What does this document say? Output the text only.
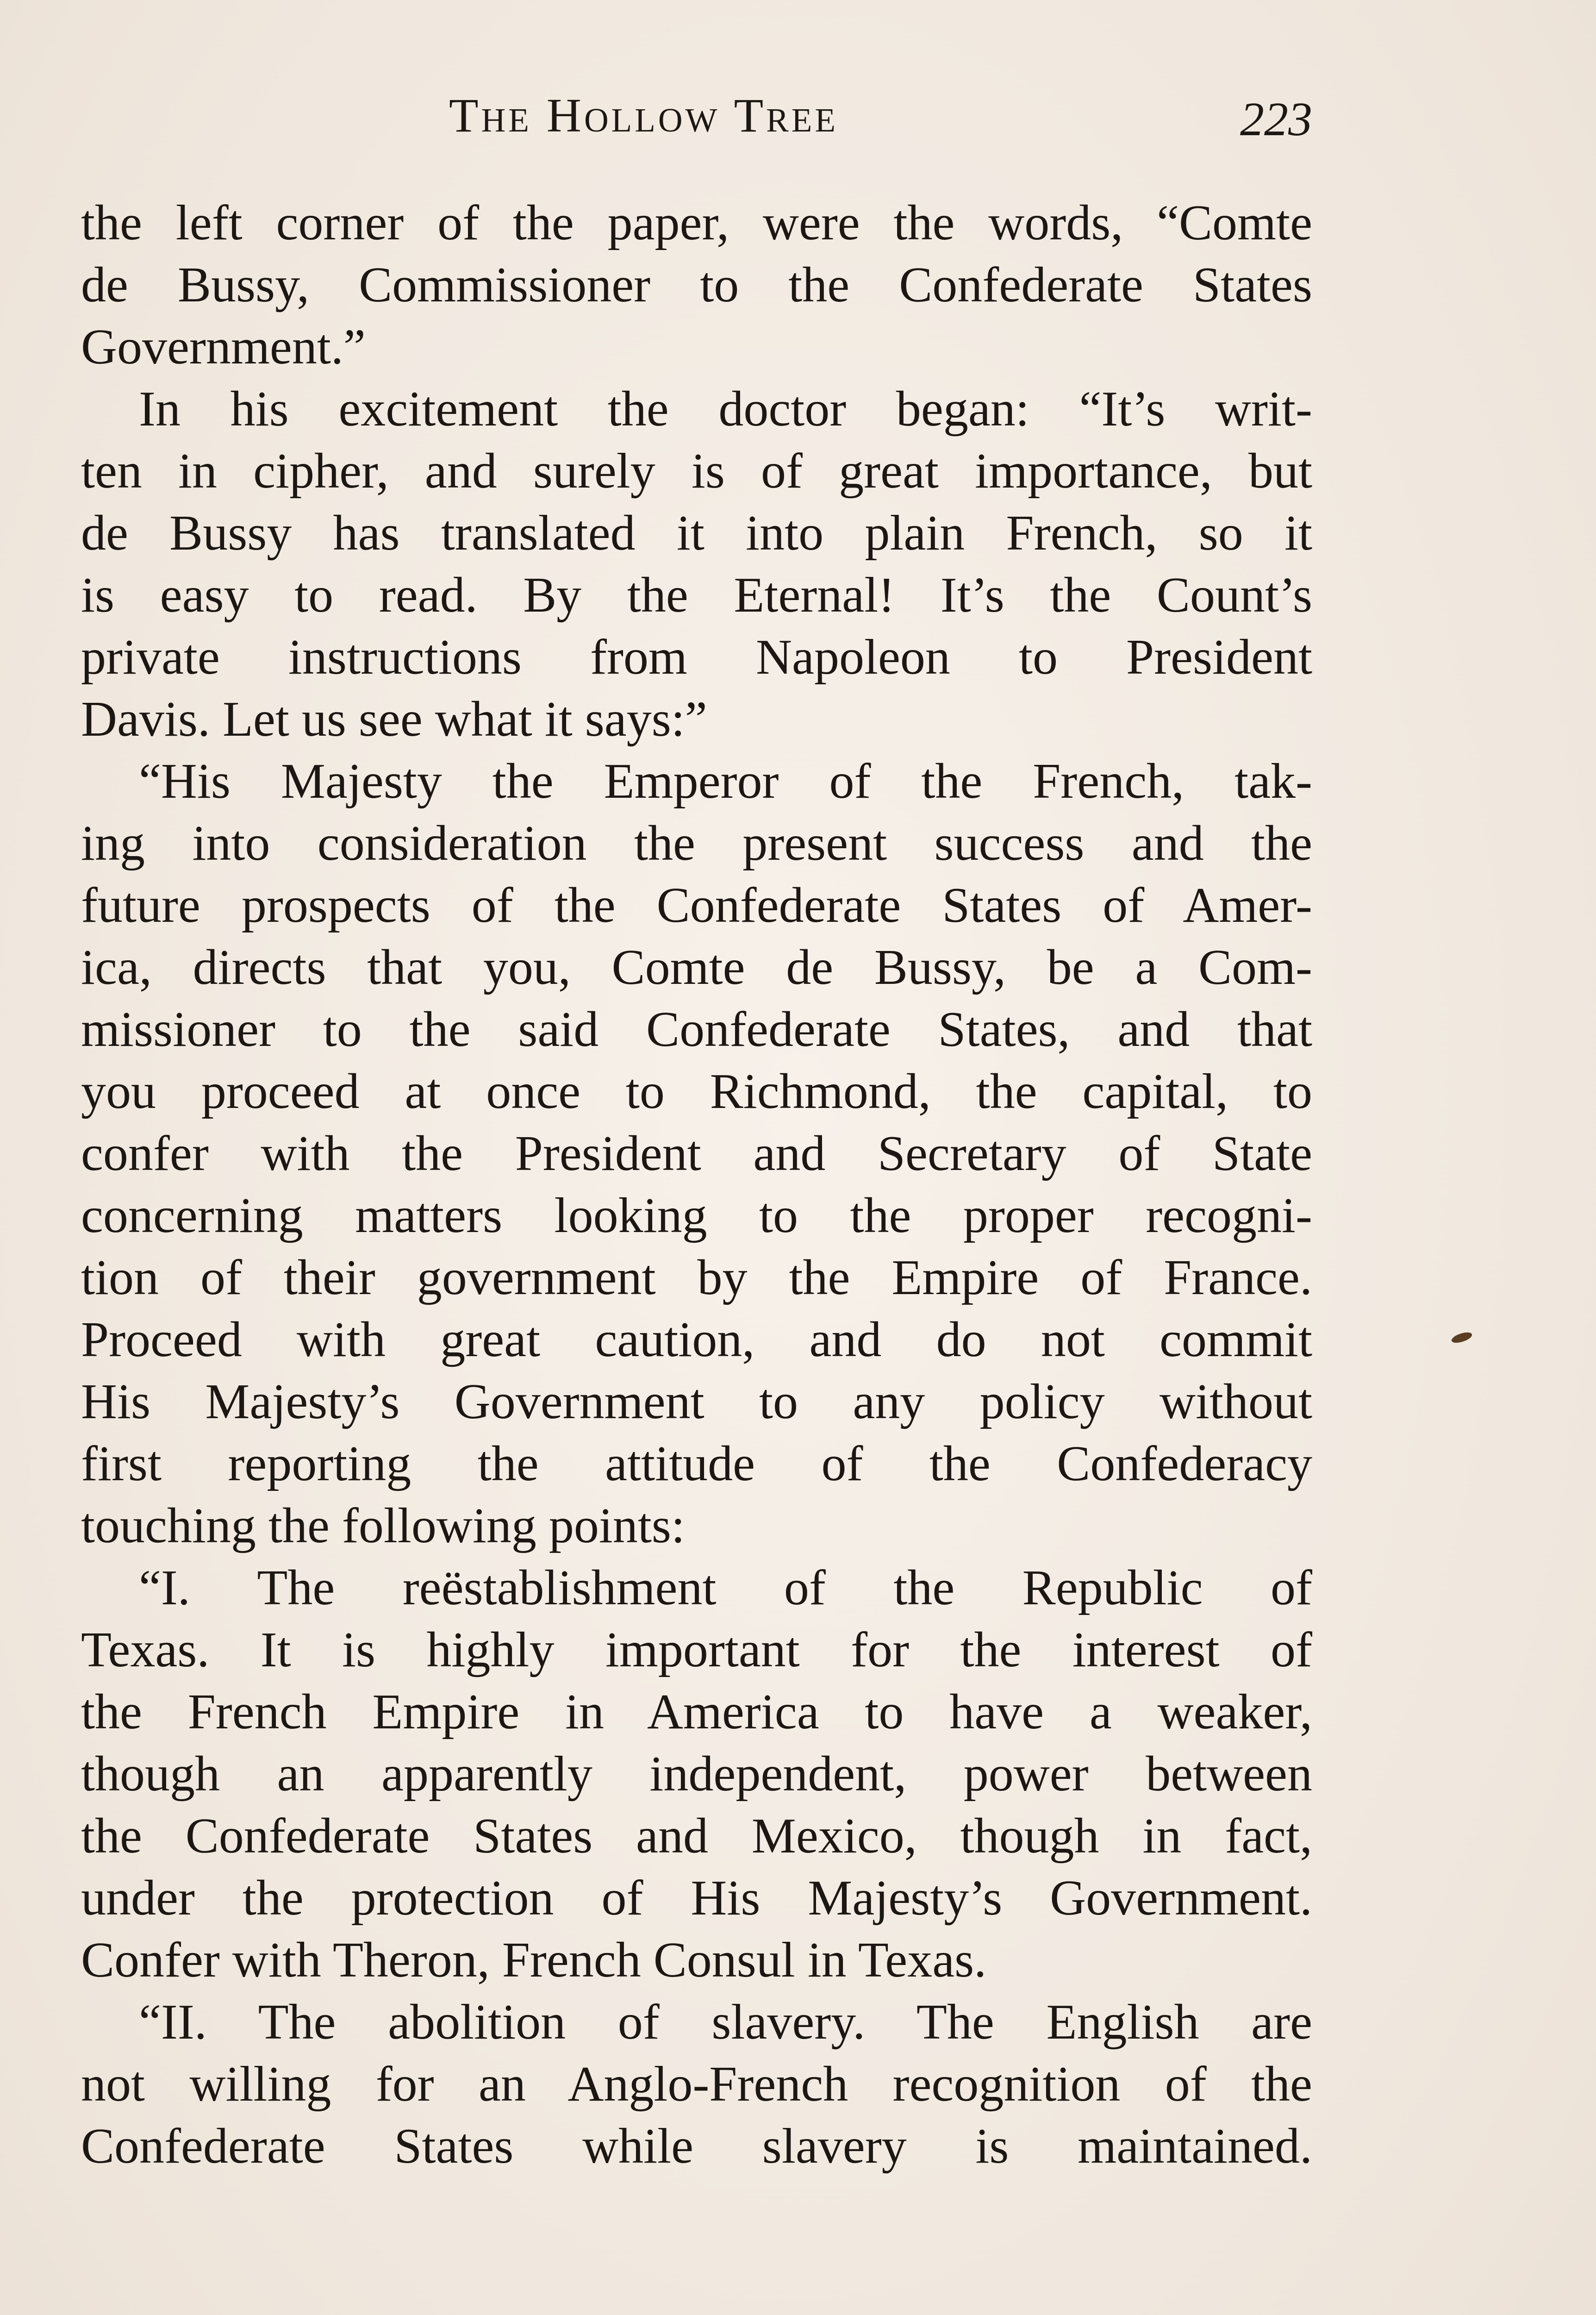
The Hollow Tree	223
the left corner of the paper, were the words, “Comte
de Bussy, Commissioner to the Confederate States
Government.”
In his excitement the doctor began: “It’s writ-
ten in cipher, and surely is of great importance, but
de Bussy has translated it into plain French, so it
is easy to read. By the Eternal! It’s the Count’s
private instructions from Napoleon to President
Davis. Let us see what it says:”
“His Majesty the Emperor of the French, tak-
ing into consideration the present success and the
future prospects of the Confederate States of Amer-
ica, directs that you, Comte de Bussy, be a Com-
missioner to the said Confederate States, and that
you proceed at once to Richmond, the capital, to
confer with the President and Secretary of State
concerning matters looking to the proper recogni-
tion of their government by the Empire of France.
Proceed with great caution, and do not commit
His Majesty’s Government to any policy without
first reporting the attitude of the Confederacy
touching the following points:
“I. The reëstablishment of the Republic of
Texas. It is highly important for the interest of
the French Empire in America to have a weaker,
though an apparently independent, power between
the Confederate States and Mexico, though in fact,
under the protection of His Majesty’s Government.
Confer with Theron, French Consul in Texas.
“II. The abolition of slavery. The English are
not willing for an Anglo-French recognition of the
Confederate States while slavery is maintained.
